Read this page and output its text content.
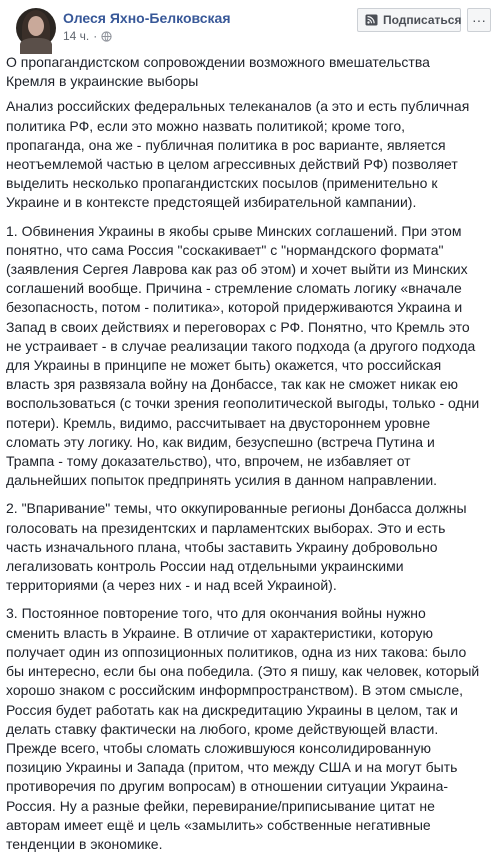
Олеся Яхно-Белковская
14 ч. ·
Подписаться ···

О пропагандистском сопровождении возможного вмешательства Кремля в украинские выборы

Анализ российских федеральных телеканалов (а это и есть публичная политика РФ, если это можно назвать политикой; кроме того, пропаганда, она же - публичная политика в рос варианте, является неотъемлемой частью в целом агрессивных действий РФ) позволяет выделить несколько пропагандистских посылов (применительно к Украине и в контексте предстоящей избирательной кампании).

1. Обвинения Украины в якобы срыве Минских соглашений. При этом понятно, что сама Россия "соскакивает" с "нормандского формата" (заявления Сергея Лаврова как раз об этом) и хочет выйти из Минских соглашений вообще. Причина - стремление сломать логику «вначале безопасность, потом - политика», которой придерживаются Украина и Запад в своих действиях и переговорах с РФ. Понятно, что Кремль это не устраивает - в случае реализации такого подхода (а другого подхода для Украины в принципе не может быть) окажется, что российская власть зря развязала войну на Донбассе, так как не сможет никак ею воспользоваться (с точки зрения геополитической выгоды, только - одни потери). Кремль, видимо, рассчитывает на двустороннем уровне сломать эту логику. Но, как видим, безуспешно (встреча Путина и Трампа - тому доказательство), что, впрочем, не избавляет от дальнейших попыток предпринять усилия в данном направлении.

2. "Впаривание" темы, что оккупированные регионы Донбасса должны голосовать на президентских и парламентских выборах. Это и есть часть изначального плана, чтобы заставить Украину добровольно легализовать контроль России над отдельными украинскими территориями (а через них - и над всей Украиной).

3. Постоянное повторение того, что для окончания войны нужно сменить власть в Украине. В отличие от характеристики, которую получает один из оппозиционных политиков, одна из них такова: было бы интересно, если бы она победила. (Это я пишу, как человек, который хорошо знаком с российским информпространством). В этом смысле, Россия будет работать как на дискредитацию Украины в целом, так и делать ставку фактически на любого, кроме действующей власти. Прежде всего, чтобы сломать сложившуюся консолидированную позицию Украины и Запада (притом, что между США и на могут быть противоречия по другим вопросам) в отношении ситуации Украина-Россия. Ну а разные фейки, перевирание/приписывание цитат не авторам имеет ещё и цель «замылить» собственные негативные тенденции в экономике.
